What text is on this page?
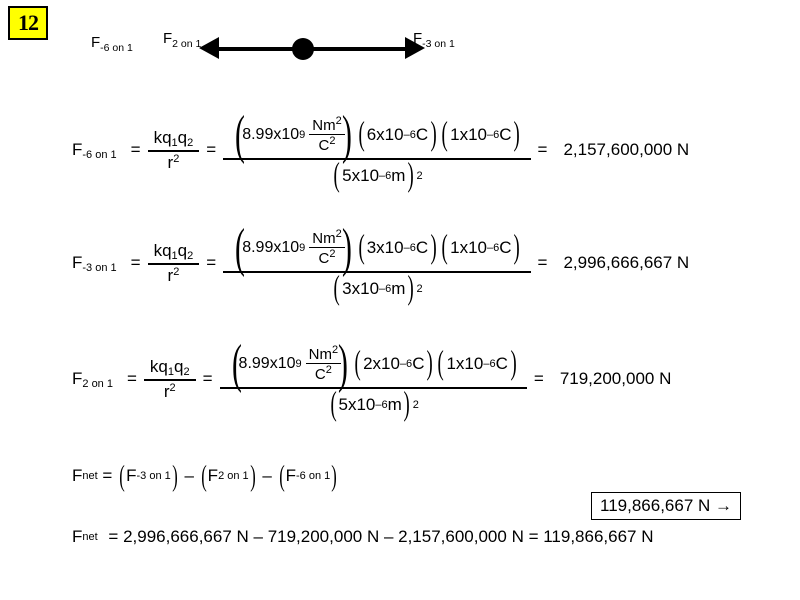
12
$F_{-6 on 1}$
$F_{2 on 1}$	$F_{-3 on 1}$
$F_{-6 on 1} = \frac{kq_1q_2}{r^2}$ =
( 8.99x10 $9 \frac{Nm^2}{C^2}$
) ( 6x10 –6 C
) ( 1x10 –6 C
)
( 5x10 –6 m
) 2
= 2,157,600,000 N
$F_{-3 on 1} = \frac{kq_1q_2}{r^2}$ =
( 8.99x10 $9 \frac{Nm^2}{C^2}$
) ( 3x10 –6 C
) ( 1x10 –6 C
)
( 3x10 –6 m
) 2
= 2,996,666,667 N
$F_{2 on 1} = \frac{kq_1q_2}{r^2}$ =
( 8.99x10 $9 \frac{Nm^2}{C^2}$
) ( 2x10 –6 C
) ( 1x10 –6 C
)
( 5x10 –6 m
) 2
= 719,200,000 N
F net = ( F -3 on 1
) – ( F 2 on 1
) – ( F -6 on 1
)
119,866,667 N →
F net = 2,996,666,667 N – 719,200,000 N – 2,157,600,000 N = 119,866,667 N
